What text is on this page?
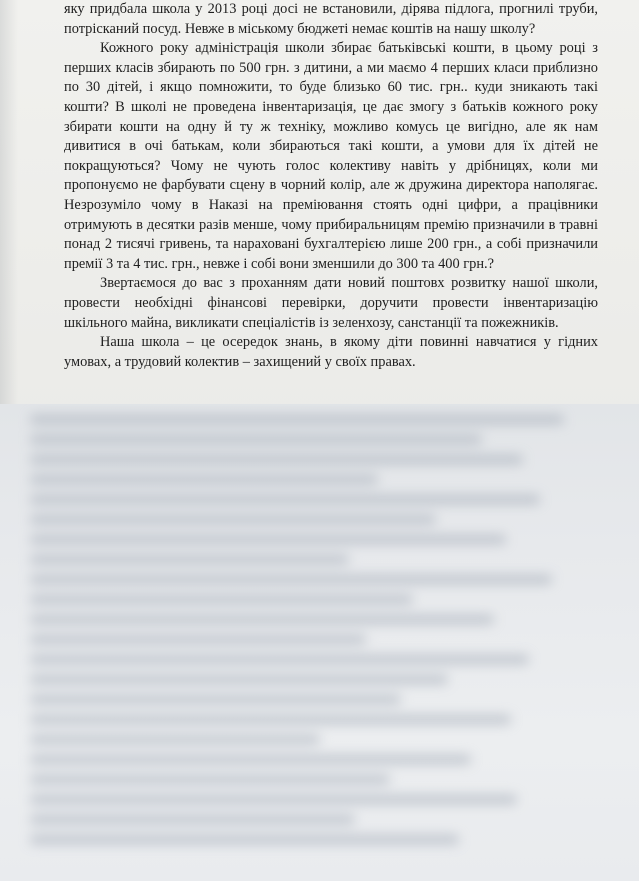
яку придбала школа у 2013 році досі не встановили, дірява підлога, прогнилі труби, потрісканий посуд. Невже в міському бюджеті немає коштів на нашу школу?

Кожного року адміністрація школи збирає батьківські кошти, в цьому році з перших класів збирають по 500 грн. з дитини, а ми маємо 4 перших класи приблизно по 30 дітей, і якщо помножити, то буде близько 60 тис. грн.. куди зникають такі кошти? В школі не проведена інвентаризація, це дає змогу з батьків кожного року збирати кошти на одну й ту ж техніку, можливо комусь це вигідно, але як нам дивитися в очі батькам, коли збираються такі кошти, а умови для їх дітей не покращуються? Чому не чують голос колективу навіть у дрібницях, коли ми пропонуємо не фарбувати сцену в чорний колір, але ж дружина директора наполягає. Незрозуміло чому в Наказі на преміювання стоять одні цифри, а працівники отримують в десятки разів менше, чому прибиральницям премію призначили в травні понад 2 тисячі гривень, та нараховані бухгалтерією лише 200 грн., а собі призначили премії 3 та 4 тис. грн., невже і собі вони зменшили до 300 та 400 грн.?

Звертаємося до вас з проханням дати новий поштовх розвитку нашої школи, провести необхідні фінансові перевірки, доручити провести інвентаризацію шкільного майна, викликати спеціалістів із зеленхозу, санстанції та пожежників.

Наша школа – це осередок знань, в якому діти повинні навчатися у гідних умовах, а трудовий колектив – захищений у своїх правах.
